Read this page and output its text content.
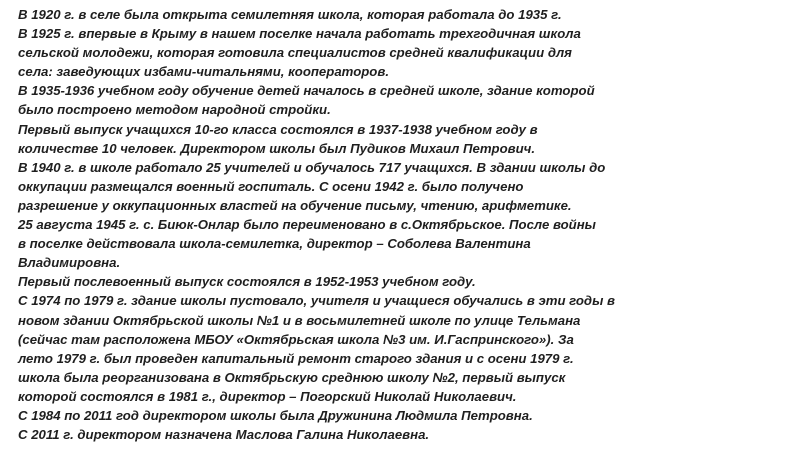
В 1920 г. в селе была открыта семилетняя школа, которая работала до 1935 г.

В 1925 г. впервые в Крыму в нашем поселке начала работать трехгодичная школа

сельской молодежи, которая готовила специалистов средней квалификации для

села: заведующих избами-читальнями, кооператоров.

В 1935-1936 учебном году обучение детей началось в средней школе, здание которой

было построено методом народной стройки.

Первый выпуск учащихся 10-го класса состоялся в 1937-1938 учебном году в

количестве 10 человек. Директором школы был Пудиков Михаил Петрович.

В 1940 г. в школе работало 25 учителей и обучалось 717 учащихся. В здании школы до

оккупации размещался военный госпиталь. С осени 1942 г. было получено

разрешение у оккупационных властей на обучение письму, чтению, арифметике.

25 августа 1945 г. с. Биюк-Онлар было переименовано в с.Октябрьское. После войны

в поселке действовала школа-семилетка, директор – Соболева Валентина

Владимировна.

Первый послевоенный выпуск состоялся в 1952-1953 учебном году.

С 1974 по 1979 г. здание школы пустовало, учителя и учащиеся обучались в эти годы в

новом здании Октябрьской школы №1 и в восьмилетней школе по улице Тельмана

(сейчас там расположена МБОУ «Октябрьская школа №3 им. И.Гаспринского»). За

лето 1979 г. был проведен капитальный ремонт старого здания и с осени 1979 г.

школа была реорганизована в Октябрьскую среднюю школу №2, первый выпуск

которой состоялся в 1981 г., директор – Погорский Николай Николаевич.

С 1984 по 2011 год директором школы была Дружинина Людмила Петровна.

С 2011 г. директором назначена Маслова Галина Николаевна.
